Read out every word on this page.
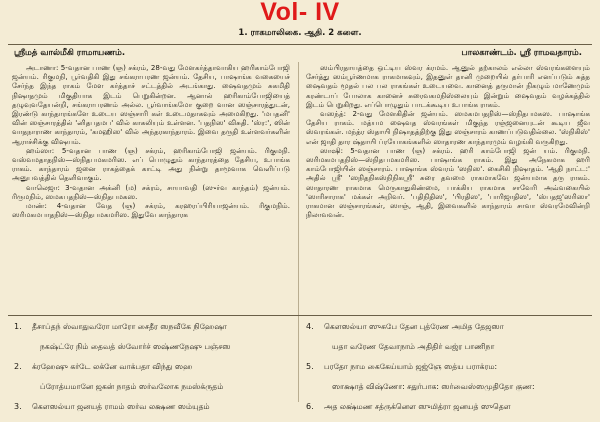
Vol- IV
1. ராகமாலிகை. ஆதி. 2 களை.
ஸ்ரீமத் வால்மீகி ராமாயணம்.	பாலகாண்டம். ஸ்ரீ ராமவதாரம்.

அடாணா: 5-வதான பாண (ஞ) சக்ரம், 28-வது மேளகர்த்தாவாகிய ஹரிகாம்போஜி ஜன்யம். ரிகுமநி, பூர்வதிகி இது சங்கராபரண ஜன்யம். தேசிய, பாஷாங்க வகையைச் சேர்ந்த இந்த ராகம் மேள கர்த்தாச் சட்டத்தில் அடங்காது. ஷைவதமும் சுகமிதி நிஷாதமும் மிகுதியாக இடம் பெறுகின்றன. ஆனால் ஹரிகாம்போஜியைத் தழுவுவதேயன்றி, சங்கராபரணம் அல்ல. பூர்வாங்கமோ குறை வான ஸஞ்சாரத்துடன், இரண்டு காந்தாரங்களே உடைய ஸஞ்சாரி கள் உடைமதாகவும் அமைகிறது. 'மபதனி' வின் ஸஞ்சாரத்தில் 'னிதபதமப' வில் காகலியும் உள்ளன. 'பதநிஸ' விசுதி. 'ஸ்ர:', ஸின் வாதநாராண காந்தாரம், 'கமஹிஸ' வில் அந்தரகாந்தாரம். இவை தருதி உள்ளவர்களின் ஆராச்சிக்கு விஷயம்.

ஹம்ஸா: 5-வதான பாண (ஞ) சக்ரம், ஹரிகாம்போஜி ஜன்யம். ரிகுமநி. வஸ்வமதாதநிஸ்—ஸ்நிதபமகமரிஸ. எப் பொழுதும் காந்தாரத்தை தேசிய, உபாங்க ராகம். காந்தாரம் ஜனை ராகத்தைக் காட்டி அது நின்று தாமூவாக வெளிப்படு அனுபவத்தில் தெளிவாகும்.

வாலெஜா: 3-வதான அக்னி (ம) சக்ரம், சாயாவதி (ஸுர்வ காந்தம்) ஜன்யம். ரிருமநிம், ஸமகபதநிஸ்—ஸ்நிதபமகஸ.

மாண்: 4-வதான வேத (ஞ) சக்ரம், கரஹரப்பிரியாஜன்யம். ரிகுமநிம். ஸரிமகமபாதநிஸ்—ஸ்நிதபமகமரிஸ. இதுவே காந்தாரக

ஸம்பிரதாயத்தை ஒட்டிய ஸ்வர க்ரமம். ஆனுல் தற்காலம் எல்லா ஸ்வரங்களையும் சேர்த்து ஸம்பூர்ணமாக ராகமாகவும், இதனுள் தானி முறையில் தர்பாரி எனப்படும் சுத்த ஷைவதம் மூதல் பல பல ராகங்கள் உடையவை. கானைத் தருமான் நிகழும் மாணேமும் கரண்டாப் போலாக கானைச் சுரைவகமநிஸ்லையும் இன்றும் ஷைவதம் வழக்கத்தில் இடம் பெறுகிறது. எப்பொழுதும் பாடக்கூடிய உபாங்க ராகம்.

வஸந்த்: 2-வது மேளகிதின் ஜன்யம். ஸமகமபதநிஸ்—ஸ்நிதபமகஸ. பாஷாங்க தேசிய ராகம். மத்யம ஷைவத ஸ்வரங்கள் மிகுந்த ரஞ்ஜனையுடன் கூடிய ஜீவ ஸ்வரங்கள். மந்த்ர ஸ்தாயி நிஷாதத்திற்கு இது ஸஞ்சாரம் காணப்படுவதில்லை. 'ஸ்நிகிஸ்' என் ஜாதி தார ஷ்தாயி ப்ரயோகங்களில் ஸாதாரண காந்தாரமும் வழங்கி வருகிறது.

ஸாஷி: 5-வதான பாண (ஞ) சக்ரம். ஹரி காம்போஜி ஜன் யம். ரிகுமநி. ஸரிமகமபதநிஸ்—ஸ்நிதபமகமரிஸ. பாஷாங்க ராகம். இது அநேகமாக ஹரி காம்போஜியின் ஸஞ்சாரம். பாஷாங்க ஸ்வரம் 'ஸநிஸ'. கைசிகி நிஷாதம். 'ஆதி நாட்ட:' அதில் ஸ்ரீ' 'ஸநிதநிகஸ்நிநிகஸ்ரீ' சுரை தவமை ராகமாகவே ஜன்யமாக தரு ராகம். ஸாதாரண ராகமாக மெருகாதுகிண்மை, பாக்கிய ராகமாக சாவேரி அவ்வகையில் 'ஸாரிசாராக' மக்கள் அறிவர். 'பதிநிதிஸ', 'பிரதிஸ', 'பாரிஜாதிஸ', 'ஸ்பதஜ'ஸரிஸா' ராகமான ஸஞ்சாரங்கள், ஸாஞ், ஆதி, இவைகளில் காந்தாரம் சாவா ஸ்வரமேவின்றி நிலாவவன்.

1. தீசாப்தந் ஸ்வாதுவரோ மாரோ சைதீர ஸநவீகே நிஹேஷா
நகஷ்ட்ரே நிம் தைவத் ஸ்வோர்ச் ஸஷ்ணநேஷு பஞ்சஸ
2. க்ரஹேஷு கர்டே லக்னே வாக்பதா விந்து ஸஹ
ப்ரோத்யமானே ஜகன் நாதம் ஸர்வலோக நமஸ்க்ருதம்
3. கௌஸல்யா ஜனயத் ராமம் ஸர்வ லக்ஷண ஸம்யுதம்
4. கௌஸல்யா ஸுசுபே தேன புத்ரேண அமித தேஜஸா
யதா வரேண தேவாநாம் அதிதிர் வஜ்ர பாணிநா
5. பரதோ நாம கைகேய்யாம் ஜஜ்ஞே ஸத்ய பராக்ரம:
ஸாக்ஷாத் விஷ்ணோ: சதுர்பாக: ஸர்வைஸ்ஸமுதிதோ குண:
6. அத லக்ஷ்மண சத்ருக்னௌ ஸுமித்ரா ஜனயத் ஸுதௌ
